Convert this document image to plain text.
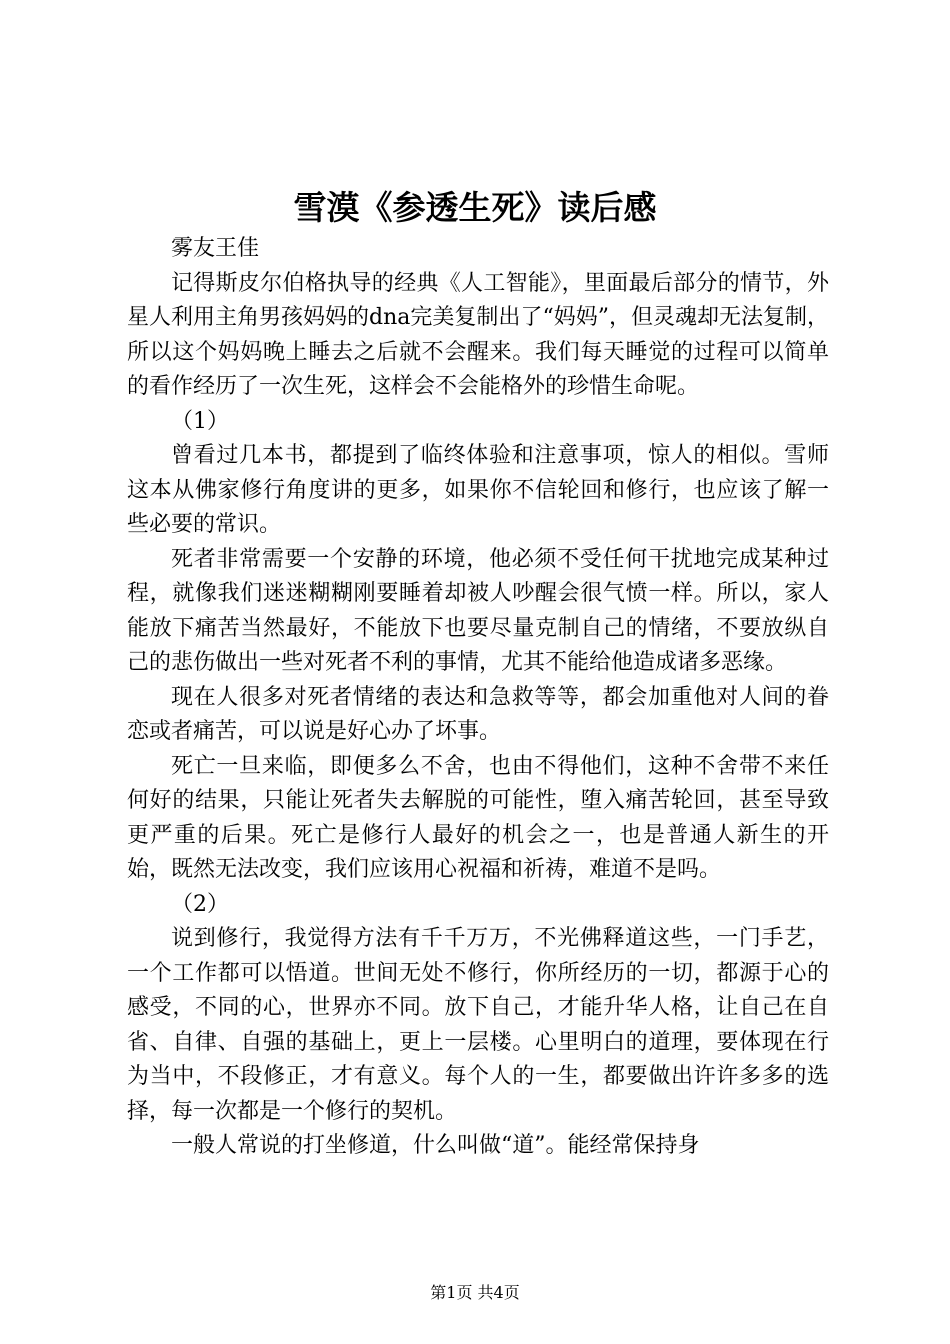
雪漠《参透生死》读后感

雾友王佳

记得斯皮尔伯格执导的经典《人工智能》，里面最后部分的情节，外星人利用主角男孩妈妈的dna完美复制出了“妈妈”，但灵魂却无法复制，所以这个妈妈晚上睡去之后就不会醒来。我们每天睡觉的过程可以简单的看作经历了一次生死，这样会不会能格外的珍惜生命呢。

（1）

曾看过几本书，都提到了临终体验和注意事项，惊人的相似。雪师这本从佛家修行角度讲的更多，如果你不信轮回和修行，也应该了解一些必要的常识。

死者非常需要一个安静的环境，他必须不受任何干扰地完成某种过程，就像我们迷迷糊糊刚要睡着却被人吵醒会很气愤一样。所以，家人能放下痛苦当然最好，不能放下也要尽量克制自己的情绪，不要放纵自己的悲伤做出一些对死者不利的事情，尤其不能给他造成诸多恶缘。

现在人很多对死者情绪的表达和急救等等，都会加重他对人间的眷恋或者痛苦，可以说是好心办了坏事。

死亡一旦来临，即便多么不舍，也由不得他们，这种不舍带不来任何好的结果，只能让死者失去解脱的可能性，堕入痛苦轮回，甚至导致更严重的后果。死亡是修行人最好的机会之一，也是普通人新生的开始，既然无法改变，我们应该用心祝福和祈祷，难道不是吗。

（2）

说到修行，我觉得方法有千千万万，不光佛释道这些，一门手艺，一个工作都可以悟道。世间无处不修行，你所经历的一切，都源于心的感受，不同的心，世界亦不同。放下自己，才能升华人格，让自己在自省、自律、自强的基础上，更上一层楼。心里明白的道理，要体现在行为当中，不段修正，才有意义。每个人的一生，都要做出许许多多的选择，每一次都是一个修行的契机。

一般人常说的打坐修道，什么叫做“道”。能经常保持身

第1页 共4页
